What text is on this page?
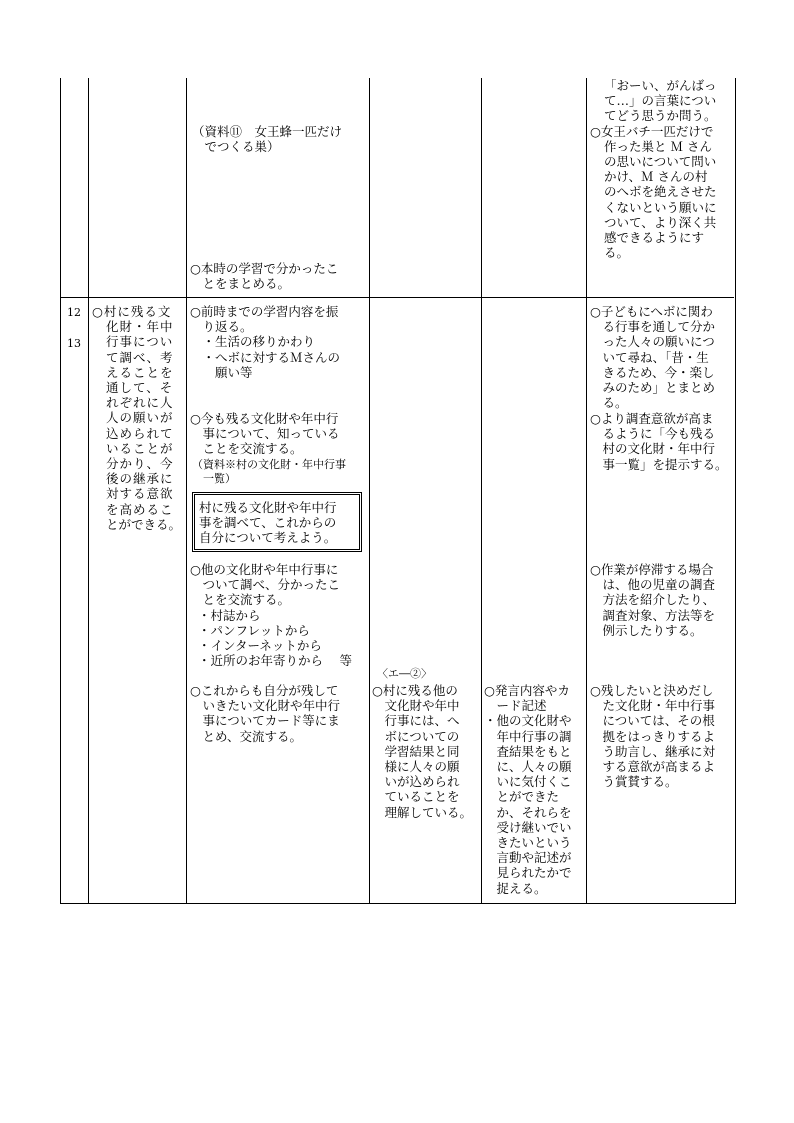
（資料⑪　女王蜂一匹だけ
　でつくる巣）
○本時の学習で分かったこ
　とをまとめる。
「おーい、がんばっ
て…」の言葉につい
てどう思うか問う。
○女王バチ一匹だけで
作った巣と Ｍ さん
の思いについて問い
かけ、Ｍ さんの村
のへボを絶えさせた
くないという願いに
ついて、より深く共
感できるようにす
る。
12
13
○村に残る文
化財・年中
行事につい
て調べ、考
えることを
通して、そ
れぞれに人
人の願いが
込められて
いることが
分かり、今
後の継承に
対する意欲
を高めるこ
とができる。
○前時までの学習内容を振
　り返る。
　・生活の移りかわり
　・へボに対するＭさんの
　　願い等
○今も残る文化財や年中行
　事について、知っている
　ことを交流する。
（資料※村の文化財・年中行事
　一覧）
村に残る文化財や年中行
事を調べて、これからの
自分について考えよう。
○他の文化財や年中行事に
　ついて調べ、分かったこ
　とを交流する。
・村誌から
・パンフレットから
・インターネットから
・近所のお年寄りから　 等
○これからも自分が残して
　いきたい文化財や年中行
　事についてカード等にま
　とめ、交流する。
〈エ―②〉
○村に残る他の
　文化財や年中
　行事には、へ
　ボについての
　学習結果と同
　様に人々の願
　いが込められ
　ていることを
　理解している。
○発言内容やカ
　ード記述
・他の文化財や
　年中行事の調
　査結果をもと
　に、人々の願
　いに気付くこ
　とができた
　か、それらを
　受け継いでい
　きたいという
　言動や記述が
　見られたかで
　捉える。
○子どもにへボに関わ
　る行事を通して分か
　った人々の願いにつ
　いて尋ね、「昔・生
　きるため、今・楽し
　みのため」とまとめ
　る。
○より調査意欲が高ま
　るように「今も残る
　村の文化財・年中行
　事一覧」を提示する。
○作業が停滞する場合
　は、他の児童の調査
　方法を紹介したり、
　調査対象、方法等を
　例示したりする。
○残したいと決めだし
　た文化財・年中行事
　については、その根
　拠をはっきりするよ
　う助言し、継承に対
　する意欲が高まるよ
　う賞賛する。
